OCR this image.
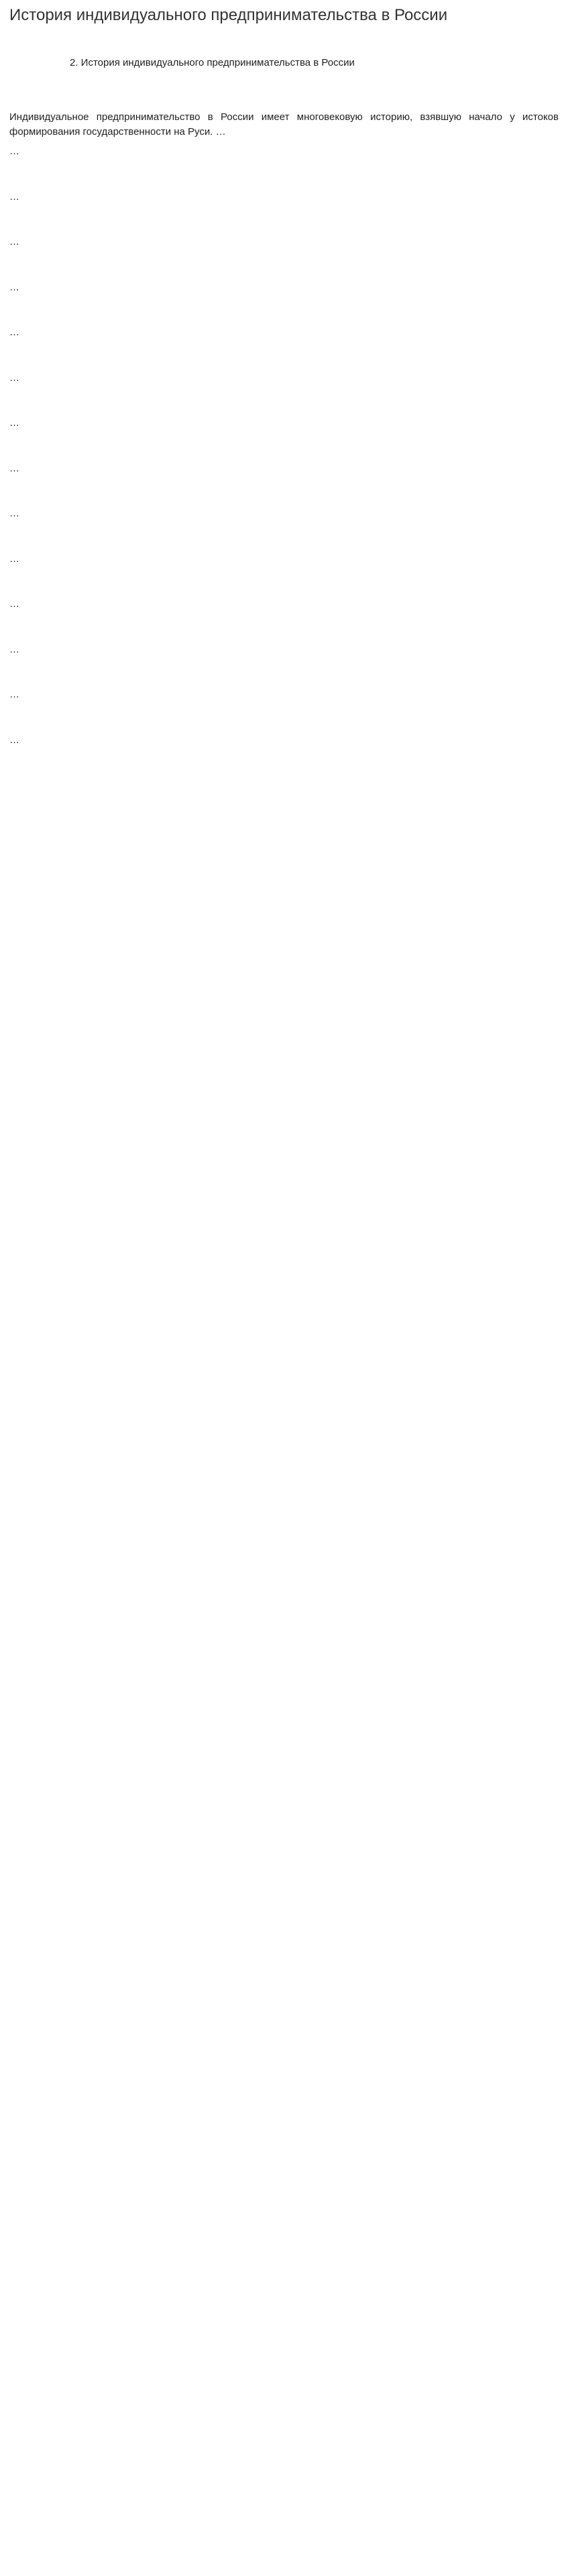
История индивидуального предпринимательства в России
2. История индивидуального предпринимательства в России

Индивидуальное предпринимательство в России имеет многовековую историю, взявшую начало у истоков формирования государственности на Руси. …

…

…

…

…

…

…

…

…

…

…

…

…

…

…
